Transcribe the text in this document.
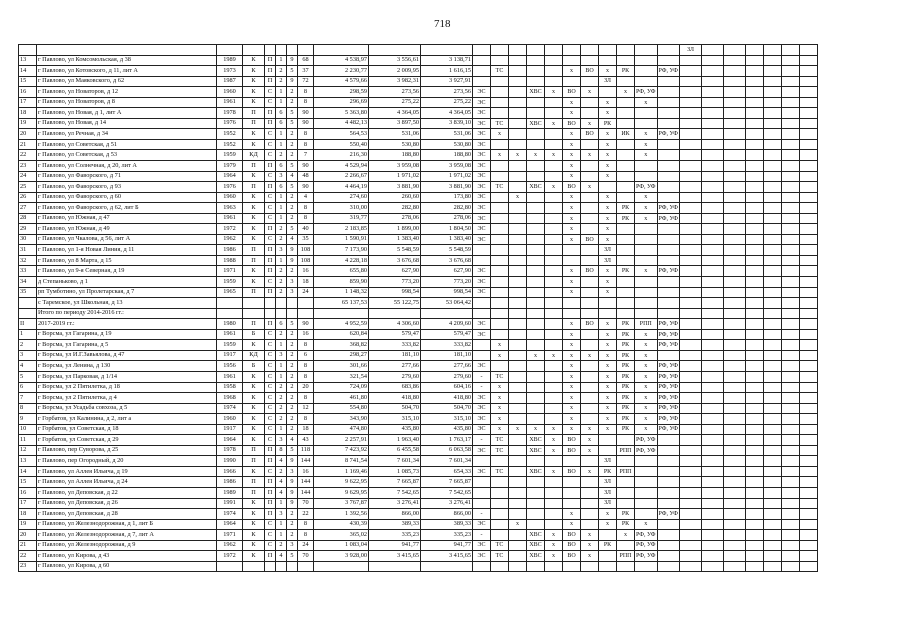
718
																						ЗЛ						
13	г Павлово, ул Комсомольская, д 38	1989	К	П	1	9	68	4 538,97	3 556,61	3 138,71																		
14	г Павлово, ул Котовского, д 11, лит А	1973	К	П	2	5	37	2 230,77	2 009,95	1 616,15		ТС				x	ВО	x	РК		РФ, УФ							
15	г Павлово, ул Маяковского, д 62	1987	К	П	2	9	72	4 579,66	3 982,31	3 927,91								ЗЛ										
16	г Павлово, ул Новаторов, д 12	1960	К	С	1	2	8	298,59	273,56	273,56	ЭС			ХВС	x	ВО	x		x	РФ, УФ								
17	г Павлово, ул Новаторов, д 8	1961	К	С	1	2	8	296,69	275,22	275,22	ЭС					x		x		x								
18	г Павлово, ул Новая, д 1, лит А	1978	П	П	6	5	90	5 363,80	4 364,05	4 364,05	ЭС					x		x										
19	г Павлово, ул Новая, д 14	1976	П	П	6	5	90	4 482,13	3 897,50	3 839,10	ЭС	ТС		ХВС	x	ВО	x	РК										
20	г Павлово, ул Речная, д 34	1952	К	С	1	2	8	564,53	531,06	531,06	ЭС	x				x	ВО	x	ИК	x	РФ, УФ							
21	г Павлово, ул Советская, д 51	1952	К	С	1	2	8	550,40	530,80	530,80	ЭС					x		x		x								
22	г Павлово, ул Советская, д 53	1959	КД	С	2	2	7	216,30	188,80	188,80	ЭС	x	x	x	x	x	x	x		x								
23	г Павлово, ул Солнечная, д 20, лит А	1979	П	П	6	5	90	4 529,94	3 959,08	3 959,08	ЭС					x		x										
24	г Павлово, ул Фаворского, д 71	1964	К	С	3	4	48	2 266,67	1 971,02	1 971,02	ЭС					x		x										
25	г Павлово, ул Фаворского, д 93	1976	П	П	6	5	90	4 464,19	3 881,90	3 881,90	ЭС	ТС		ХВС	x	ВО	x			РФ, УФ								
26	г Павлово, ул Фаворского, д 60	1960	К	С	1	2	4	274,60	260,60	173,80	ЭС		x			x		x		x								
27	г Павлово, ул Фаворского, д 62, лит Б	1963	К	С	1	2	8	310,00	282,80	282,80	ЭС					x		x	РК	x	РФ, УФ							
28	г Павлово, ул Южная, д 47	1961	К	С	1	2	8	319,77	278,06	278,06	ЭС					x		x	РК	x	РФ, УФ							
29	г Павлово, ул Южная, д 49	1972	К	П	2	5	40	2 183,85	1 899,00	1 804,50	ЭС					x		x										
30	г Павлово, ул Чкалова, д 56, лит А	1962	К	С	2	4	35	1 590,91	1 383,40	1 383,40	ЭС					x	ВО	x										
31	г Павлово, ул 1-я Новая Линия, д 11	1986	П	П	3	9	108	7 173,90	5 548,59	5 548,59								ЗЛ										
32	г Павлово, ул 8 Марта, д 15	1988	П	П	1	9	108	4 228,18	3 676,68	3 676,68								ЗЛ										
33	г Павлово, ул 9-я Северная, д 19	1971	К	П	2	2	16	655,80	627,90	627,90	ЭС					x	ВО	x	РК	x	РФ, УФ							
34	д Степаньково, д 1	1959	К	С	2	3	18	859,90	773,20	773,20	ЭС					x		x										
35	рп Тумботино, ул Пролетарская, д 7	1965	П	П	2	3	24	1 148,32	998,54	998,54	ЭС					x		x										
	с Таремское, ул Школьная, д 13							65 137,53	55 122,75	53 064,42																		
	Итого по периоду 2014-2016 гг.:																											
II	2017-2019 гг.:	1980	П	П	6	5	90	4 952,59	4 306,60	4 209,60	ЭС					x	ВО	x	РК	РПП	РФ, УФ							
1	г Ворсма, ул Гагарина, д 19	1961	Б	С	2	2	16	620,84	579,47	579,47	ЭС					x		x	РК	x	РФ, УФ							
2	г Ворсма, ул Гагарина, д 5	1959	К	С	1	2	8	368,82	333,82	333,82		x				x		x	РК	x	РФ, УФ							
3	г Ворсма, ул И.Г.Завьялова, д 47	1917	КД	С	3	2	6	298,27	181,10	181,10		x		x	x	x	x	x	РК	x								
4	г Ворсма, ул Ленина, д 130	1956	Б	С	1	2	8	301,66	277,66	277,66	ЭС					x		x	РК	x	РФ, УФ							
5	г Ворсма, ул Парковая, д 1/14	1961	К	С	1	2	8	321,54	279,60	279,60	-	ТС				x		x	РК	x	РФ, УФ							
6	г Ворсма, ул 2 Пятилетка, д 18	1958	К	С	2	2	20	724,09	683,86	604,16	-	x				x		x	РК	x	РФ, УФ							
7	г Ворсма, ул 2 Пятилетка, д 4	1968	К	С	2	2	8	461,80	418,80	418,80	ЭС	x				x		x	РК	x	РФ, УФ							
8	г Ворсма, ул Усадьба совхоза, д 5	1974	К	С	2	2	12	554,80	504,70	504,70	ЭС	x				x		x	РК	x	РФ, УФ							
9	г Горбатов, ул Калинина, д 2, лит а	1960	К	С	2	2	8	343,90	315,10	315,10	ЭС	x				x		x	РК	x	РФ, УФ							
10	г Горбатов, ул Советская, д 18	1917	К	С	1	2	18	474,80	435,80	435,80	ЭС	x	x	x	x	x	x	x	РК	x	РФ, УФ							
11	г Горбатов, ул Советская, д 29	1964	К	С	3	4	43	2 257,91	1 963,40	1 763,17	-	ТС		ХВС	x	ВО	x			РФ, УФ								
12	г Павлово, пер Суворова, д 25	1978	П	П	8	5	118	7 423,92	6 455,58	6 063,58	ЭС	ТС		ХВС	x	ВО	x		РПП	РФ, УФ								
13	г Павлово, пер Огородный, д 20	1990	П	П	4	9	144	8 741,54	7 601,34	7 601,34								ЗЛ										
14	г Павлово, ул Аллея Ильича, д 19	1966	К	С	2	3	16	1 169,46	1 085,73	654,33	ЭС	ТС		ХВС	x	ВО	x	РК	РПП									
15	г Павлово, ул Аллея Ильича, д 24	1986	П	П	4	9	144	9 622,95	7 665,87	7 665,87								ЗЛ										
16	г Павлово, ул Деповская, д 22	1989	П	П	4	9	144	9 629,95	7 542,65	7 542,65								ЗЛ										
17	г Павлово, ул Деповская, д 26	1991	К	П	1	9	70	3 767,87	3 276,41	3 276,41								ЗЛ										
18	г Павлово, ул Деповская, д 28	1974	К	П	3	2	22	1 392,56	866,00	866,00	-					x		x	РК		РФ, УФ							
19	г Павлово, ул Железнодорожная, д 1, лит Б	1964	К	С	1	2	8	430,39	389,33	389,33	ЭС		x			x		x	РК	x								
20	г Павлово, ул Железнодорожная, д 7, лит А	1971	К	С	1	2	8	365,02	335,23	335,23	-			ХВС	x	ВО	x		x	РФ, УФ								
21	г Павлово, ул Железнодорожная, д 9	1962	К	С	2	3	24	1 083,04	941,77	941,77	ЭС	ТС		ХВС	x	ВО	x	РК		РФ, УФ								
22	г Павлово, ул Кирова, д 43	1972	К	П	4	5	70	3 928,00	3 415,65	3 415,65	ЭС	ТС		ХВС	x	ВО	x		РПП	РФ, УФ								
23	г Павлово, ул Кирова, д 60																											
